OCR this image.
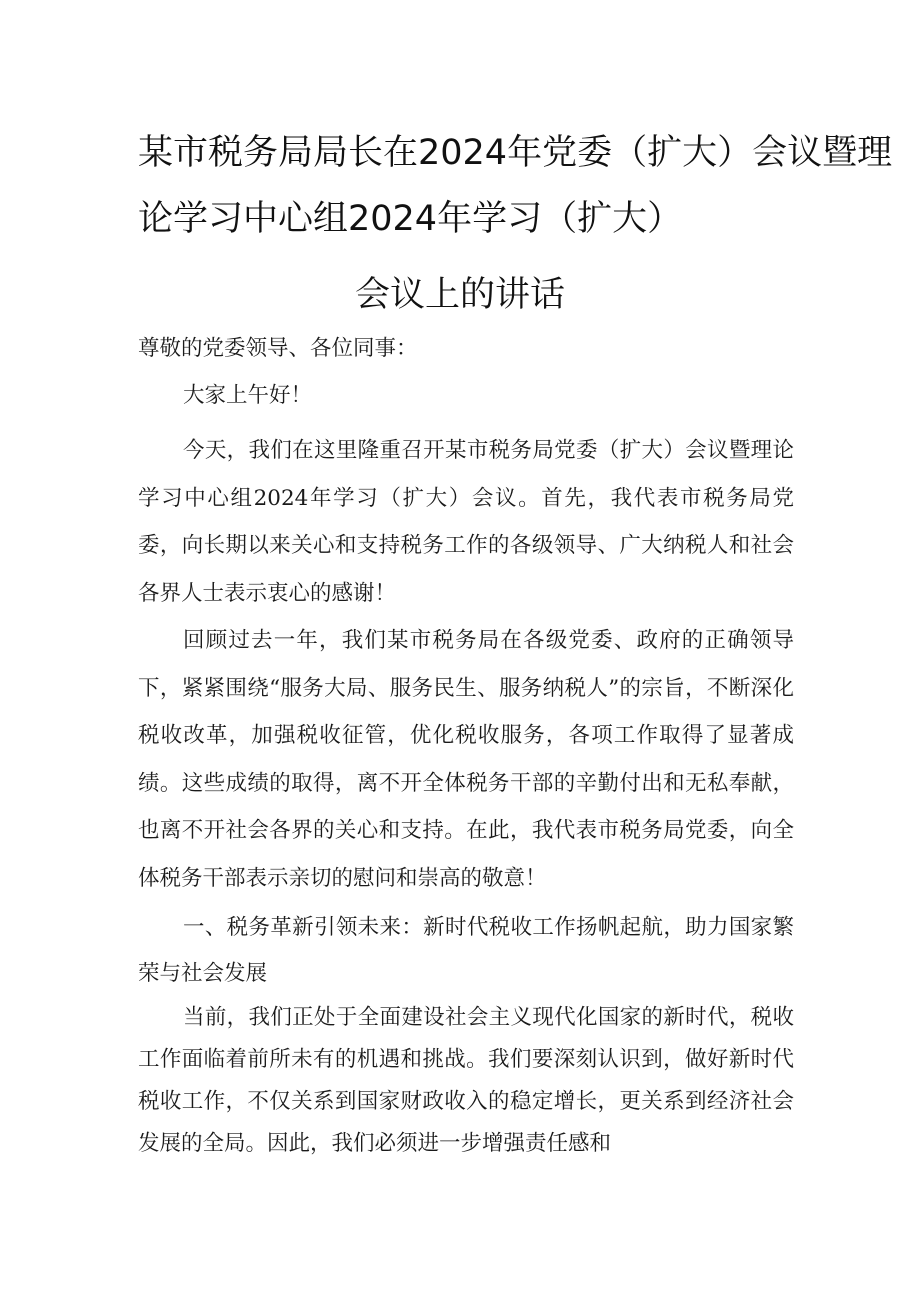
某市税务局局长在2024年党委（扩大）会议暨理
论学习中心组2024年学习（扩大）
会议上的讲话
尊敬的党委领导、各位同事：
大家上午好！
今天，我们在这里隆重召开某市税务局党委（扩大）会议暨理论学习中心组2024年学习（扩大）会议。首先，我代表市税务局党委，向长期以来关心和支持税务工作的各级领导、广大纳税人和社会各界人士表示衷心的感谢！
回顾过去一年，我们某市税务局在各级党委、政府的正确领导下，紧紧围绕“服务大局、服务民生、服务纳税人”的宗旨，不断深化税收改革，加强税收征管，优化税收服务，各项工作取得了显著成绩。这些成绩的取得，离不开全体税务干部的辛勤付出和无私奉献，也离不开社会各界的关心和支持。在此，我代表市税务局党委，向全体税务干部表示亲切的慰问和崇高的敬意！
一、税务革新引领未来：新时代税收工作扬帆起航，助力国家繁荣与社会发展
当前，我们正处于全面建设社会主义现代化国家的新时代，税收工作面临着前所未有的机遇和挑战。我们要深刻认识到，做好新时代税收工作，不仅关系到国家财政收入的稳定增长，更关系到经济社会发展的全局。因此，我们必须进一步增强责任感和
